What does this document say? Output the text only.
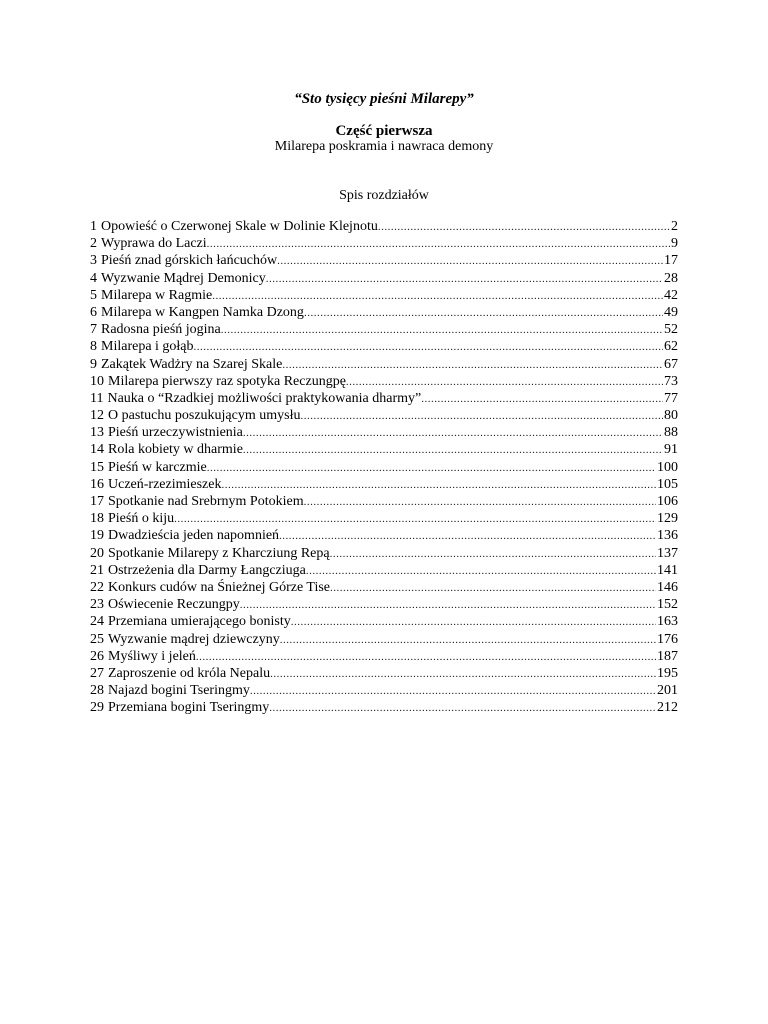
“Sto tysięcy pieśni Milarepy”
Część pierwsza
Milarepa poskramia i nawraca demony
Spis rozdziałów
1 Opowieść o Czerwonej Skale w Dolinie Klejnotu .....	2
2 Wyprawa do Laczi .....	9
3 Pieśń znad górskich łańcuchów .....	17
4 Wyzwanie Mądrej Demonicy .....	28
5 Milarepa w Ragmie .....	42
6 Milarepa w Kangpen Namka Dzong .....	49
7 Radosna pieśń jogina .....	52
8 Milarepa i gołąb .....	62
9 Zakątek Wadżry na Szarej Skale .....	67
10 Milarepa pierwszy raz spotyka Reczungpę .....	73
11 Nauka o “Rzadkiej możliwości praktykowania dharmy” .....	77
12 O pastuchu poszukującym umysłu .....	80
13 Pieśń urzeczywistnienia .....	88
14 Rola kobiety w dharmie .....	91
15 Pieśń w karczmie .....	100
16 Uczeń-rzezimieszek .....	105
17 Spotkanie nad Srebrnym Potokiem .....	106
18 Pieśń o kiju .....	129
19 Dwadzieścia jeden napomnień .....	136
20 Spotkanie Milarepy z Kharcziung Repą .....	137
21 Ostrzeżenia dla Darmy Łangcziuga .....	141
22 Konkurs cudów na Śnieżnej Górze Tise .....	146
23 Oświecenie Reczungpy .....	152
24 Przemiana umierającego bonisty .....	163
25 Wyzwanie mądrej dziewczyny .....	176
26 Myśliwy i jeleń .....	187
27 Zaproszenie od króla Nepalu .....	195
28 Najazd bogini Tseringmy .....	201
29 Przemiana bogini Tseringmy .....	212
